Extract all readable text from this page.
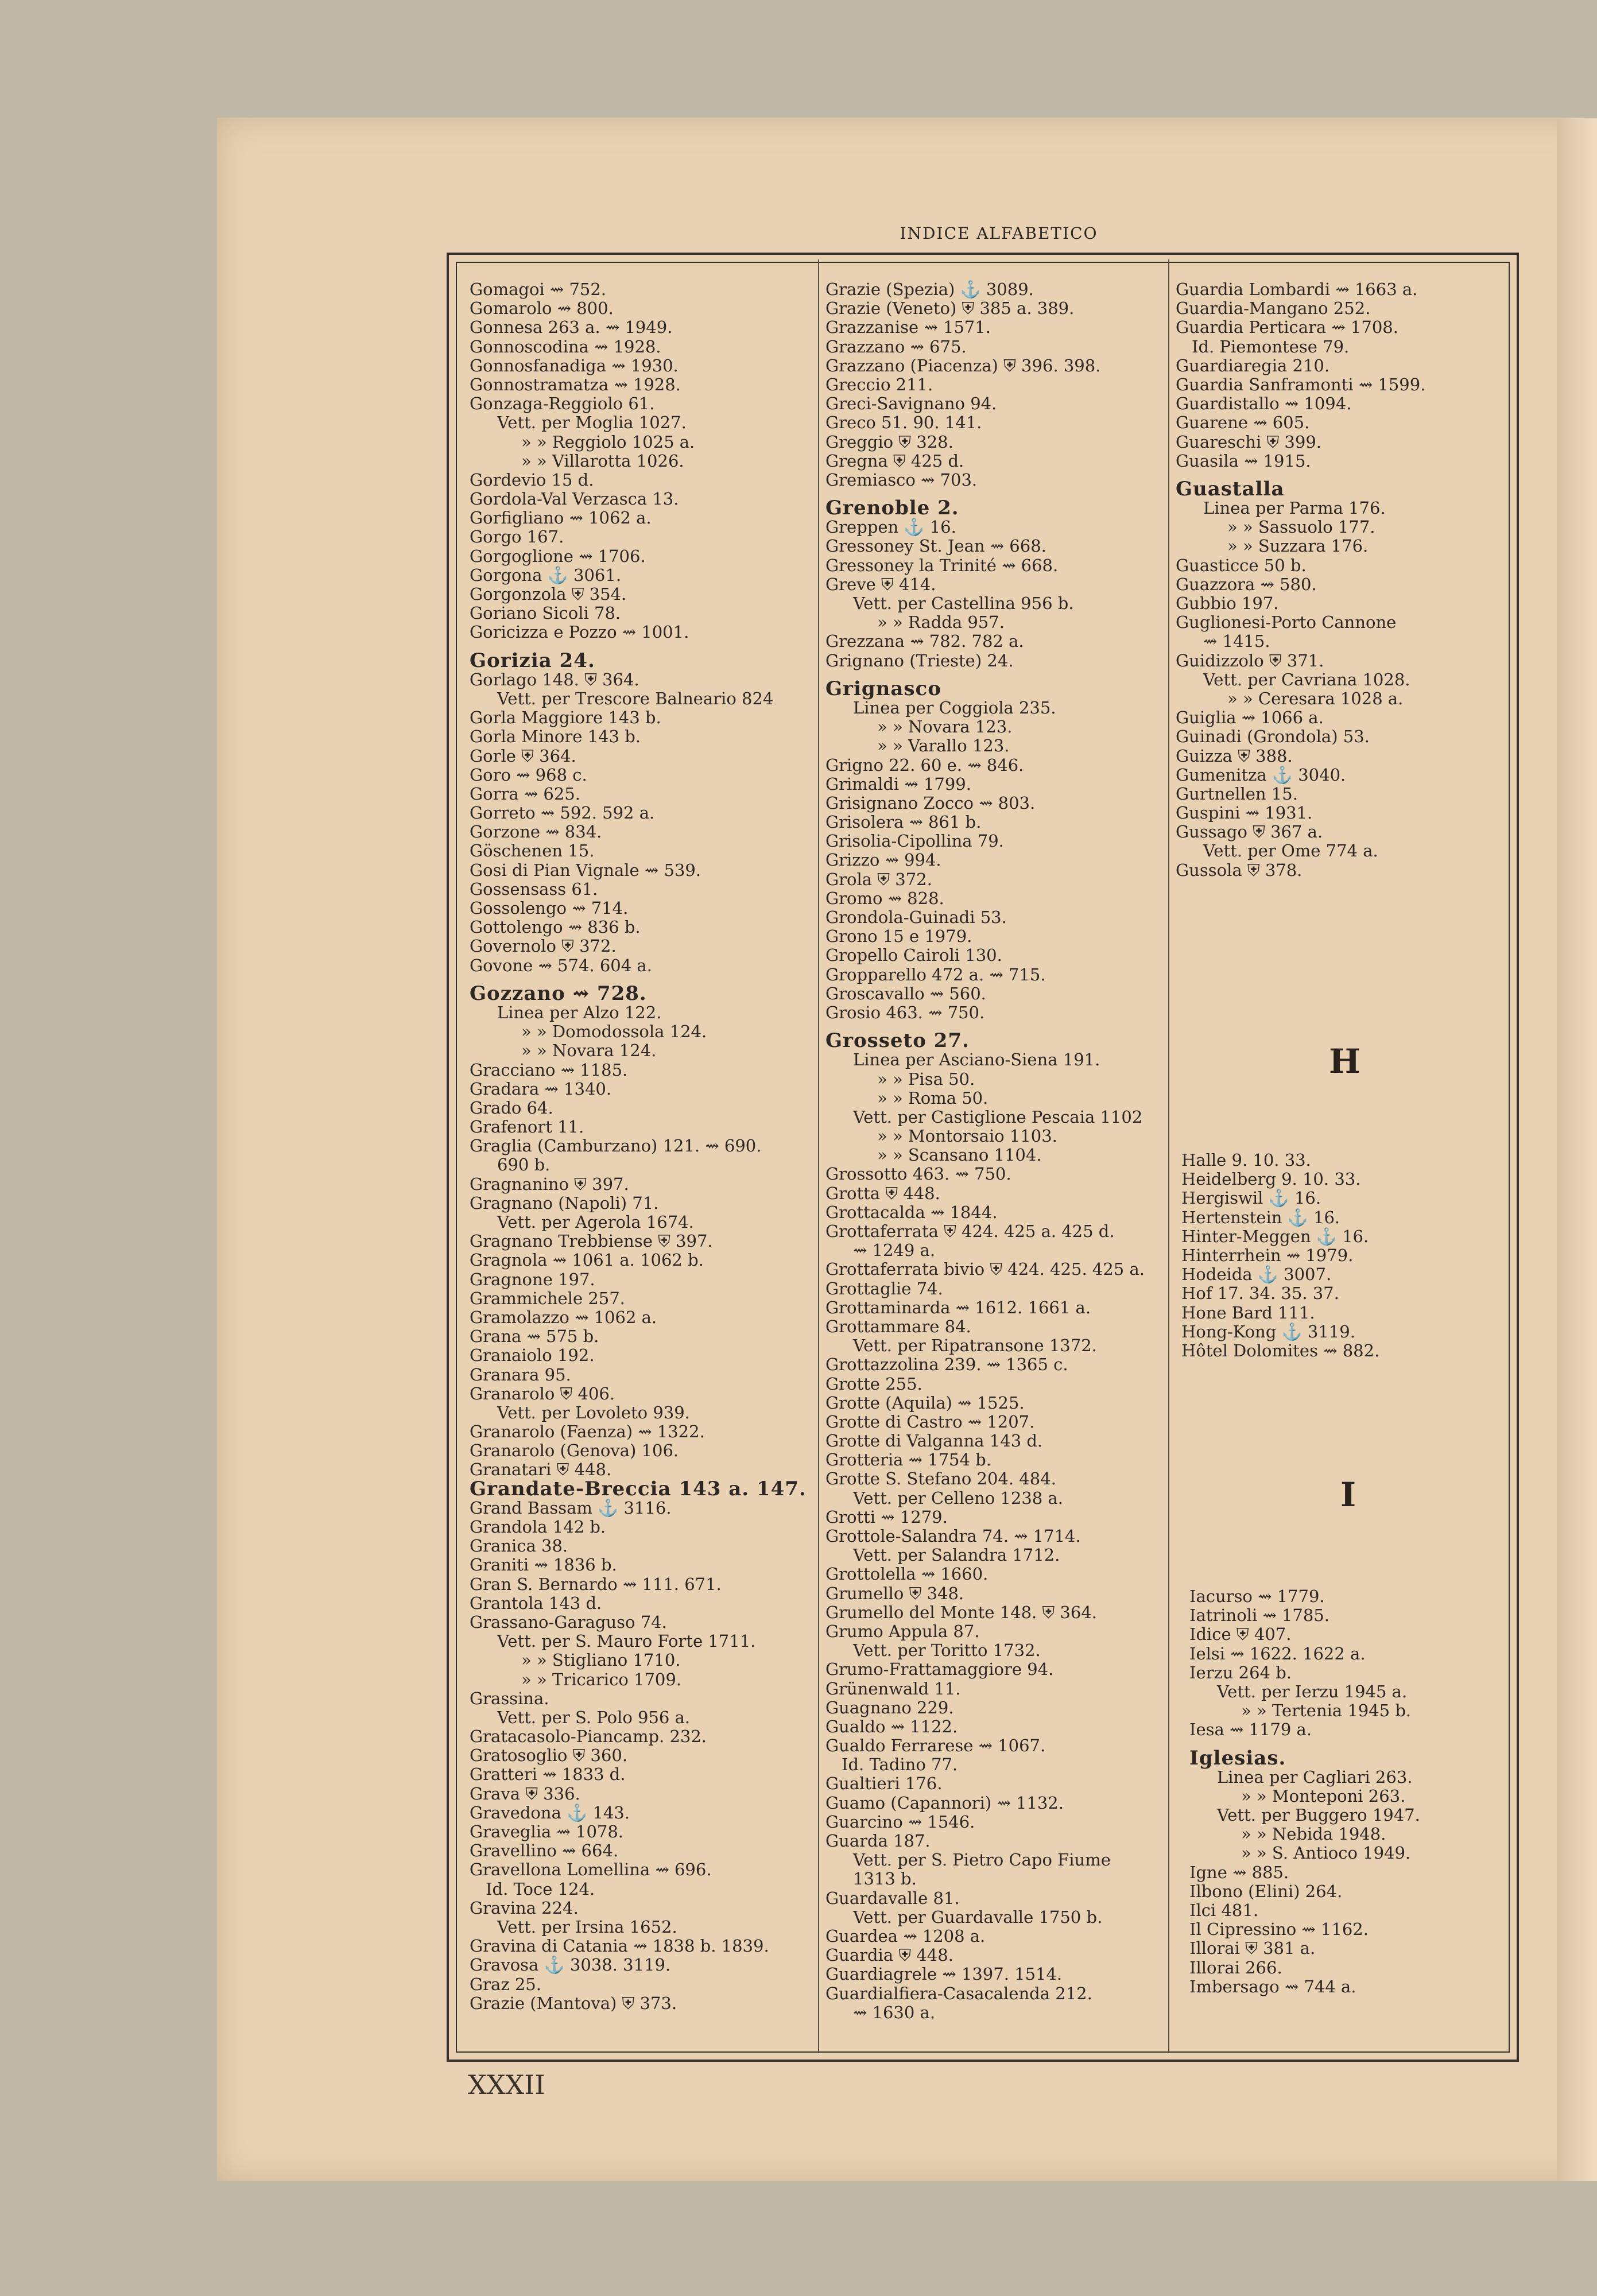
INDICE ALFABETICO
Gomagoi ⇝ 752.
Gomarolo ⇝ 800.
Gonnesa 263 a. ⇝ 1949.
Gonnoscodina ⇝ 1928.
Gonnosfanadiga ⇝ 1930.
Gonnostramatza ⇝ 1928.
Gonzaga-Reggiolo 61.
Vett. per Moglia 1027.
» » Reggiolo 1025 a.
» » Villarotta 1026.
Gordevio 15 d.
Gordola-Val Verzasca 13.
Gorfigliano ⇝ 1062 a.
Gorgo 167.
Gorgoglione ⇝ 1706.
Gorgona ⚓ 3061.
Gorgonzola ⛨ 354.
Goriano Sicoli 78.
Goricizza e Pozzo ⇝ 1001.
Gorizia 24.
Gorlago 148. ⛨ 364.
Vett. per Trescore Balneario 824
Gorla Maggiore 143 b.
Gorla Minore 143 b.
Gorle ⛨ 364.
Goro ⇝ 968 c.
Gorra ⇝ 625.
Gorreto ⇝ 592. 592 a.
Gorzone ⇝ 834.
Göschenen 15.
Gosi di Pian Vignale ⇝ 539.
Gossensass 61.
Gossolengo ⇝ 714.
Gottolengo ⇝ 836 b.
Governolo ⛨ 372.
Govone ⇝ 574. 604 a.
Gozzano ⇝ 728.
Linea per Alzo 122.
» » Domodossola 124.
» » Novara 124.
Gracciano ⇝ 1185.
Gradara ⇝ 1340.
Grado 64.
Grafenort 11.
Graglia (Camburzano) 121. ⇝ 690.
690 b.
Gragnanino ⛨ 397.
Gragnano (Napoli) 71.
Vett. per Agerola 1674.
Gragnano Trebbiense ⛨ 397.
Gragnola ⇝ 1061 a. 1062 b.
Gragnone 197.
Grammichele 257.
Gramolazzo ⇝ 1062 a.
Grana ⇝ 575 b.
Granaiolo 192.
Granara 95.
Granarolo ⛨ 406.
Vett. per Lovoleto 939.
Granarolo (Faenza) ⇝ 1322.
Granarolo (Genova) 106.
Granatari ⛨ 448.
Grandate-Breccia 143 a. 147.
Grand Bassam ⚓ 3116.
Grandola 142 b.
Granica 38.
Graniti ⇝ 1836 b.
Gran S. Bernardo ⇝ 111. 671.
Grantola 143 d.
Grassano-Garaguso 74.
Vett. per S. Mauro Forte 1711.
» » Stigliano 1710.
» » Tricarico 1709.
Grassina.
Vett. per S. Polo 956 a.
Gratacasolo-Piancamp. 232.
Gratosoglio ⛨ 360.
Gratteri ⇝ 1833 d.
Grava ⛨ 336.
Gravedona ⚓ 143.
Graveglia ⇝ 1078.
Gravellino ⇝ 664.
Gravellona Lomellina ⇝ 696.
Id. Toce 124.
Gravina 224.
Vett. per Irsina 1652.
Gravina di Catania ⇝ 1838 b. 1839.
Gravosa ⚓ 3038. 3119.
Graz 25.
Grazie (Mantova) ⛨ 373.
Grazie (Spezia) ⚓ 3089.
Grazie (Veneto) ⛨ 385 a. 389.
Grazzanise ⇝ 1571.
Grazzano ⇝ 675.
Grazzano (Piacenza) ⛨ 396. 398.
Greccio 211.
Greci-Savignano 94.
Greco 51. 90. 141.
Greggio ⛨ 328.
Gregna ⛨ 425 d.
Gremiasco ⇝ 703.
Grenoble 2.
Greppen ⚓ 16.
Gressoney St. Jean ⇝ 668.
Gressoney la Trinité ⇝ 668.
Greve ⛨ 414.
Vett. per Castellina 956 b.
» » Radda 957.
Grezzana ⇝ 782. 782 a.
Grignano (Trieste) 24.
Grignasco
Linea per Coggiola 235.
» » Novara 123.
» » Varallo 123.
Grigno 22. 60 e. ⇝ 846.
Grimaldi ⇝ 1799.
Grisignano Zocco ⇝ 803.
Grisolera ⇝ 861 b.
Grisolia-Cipollina 79.
Grizzo ⇝ 994.
Grola ⛨ 372.
Gromo ⇝ 828.
Grondola-Guinadi 53.
Grono 15 e 1979.
Gropello Cairoli 130.
Gropparello 472 a. ⇝ 715.
Groscavallo ⇝ 560.
Grosio 463. ⇝ 750.
Grosseto 27.
Linea per Asciano-Siena 191.
» » Pisa 50.
» » Roma 50.
Vett. per Castiglione Pescaia 1102
» » Montorsaio 1103.
» » Scansano 1104.
Grossotto 463. ⇝ 750.
Grotta ⛨ 448.
Grottacalda ⇝ 1844.
Grottaferrata ⛨ 424. 425 a. 425 d.
⇝ 1249 a.
Grottaferrata bivio ⛨ 424. 425. 425 a.
Grottaglie 74.
Grottaminarda ⇝ 1612. 1661 a.
Grottammare 84.
Vett. per Ripatransone 1372.
Grottazzolina 239. ⇝ 1365 c.
Grotte 255.
Grotte (Aquila) ⇝ 1525.
Grotte di Castro ⇝ 1207.
Grotte di Valganna 143 d.
Grotteria ⇝ 1754 b.
Grotte S. Stefano 204. 484.
Vett. per Celleno 1238 a.
Grotti ⇝ 1279.
Grottole-Salandra 74. ⇝ 1714.
Vett. per Salandra 1712.
Grottolella ⇝ 1660.
Grumello ⛨ 348.
Grumello del Monte 148. ⛨ 364.
Grumo Appula 87.
Vett. per Toritto 1732.
Grumo-Frattamaggiore 94.
Grünenwald 11.
Guagnano 229.
Gualdo ⇝ 1122.
Gualdo Ferrarese ⇝ 1067.
Id. Tadino 77.
Gualtieri 176.
Guamo (Capannori) ⇝ 1132.
Guarcino ⇝ 1546.
Guarda 187.
Vett. per S. Pietro Capo Fiume
1313 b.
Guardavalle 81.
Vett. per Guardavalle 1750 b.
Guardea ⇝ 1208 a.
Guardia ⛨ 448.
Guardiagrele ⇝ 1397. 1514.
Guardialfiera-Casacalenda 212.
⇝ 1630 a.
Guardia Lombardi ⇝ 1663 a.
Guardia-Mangano 252.
Guardia Perticara ⇝ 1708.
Id. Piemontese 79.
Guardiaregia 210.
Guardia Sanframonti ⇝ 1599.
Guardistallo ⇝ 1094.
Guarene ⇝ 605.
Guareschi ⛨ 399.
Guasila ⇝ 1915.
Guastalla
Linea per Parma 176.
» » Sassuolo 177.
» » Suzzara 176.
Guasticce 50 b.
Guazzora ⇝ 580.
Gubbio 197.
Guglionesi-Porto Cannone
⇝ 1415.
Guidizzolo ⛨ 371.
Vett. per Cavriana 1028.
» » Ceresara 1028 a.
Guiglia ⇝ 1066 a.
Guinadi (Grondola) 53.
Guizza ⛨ 388.
Gumenitza ⚓ 3040.
Gurtnellen 15.
Guspini ⇝ 1931.
Gussago ⛨ 367 a.
Vett. per Ome 774 a.
Gussola ⛨ 378.
H
I
Halle 9. 10. 33.
Heidelberg 9. 10. 33.
Hergiswil ⚓ 16.
Hertenstein ⚓ 16.
Hinter-Meggen ⚓ 16.
Hinterrhein ⇝ 1979.
Hodeida ⚓ 3007.
Hof 17. 34. 35. 37.
Hone Bard 111.
Hong-Kong ⚓ 3119.
Hôtel Dolomites ⇝ 882.
Iacurso ⇝ 1779.
Iatrinoli ⇝ 1785.
Idice ⛨ 407.
Ielsi ⇝ 1622. 1622 a.
Ierzu 264 b.
Vett. per Ierzu 1945 a.
» » Tertenia 1945 b.
Iesa ⇝ 1179 a.
Iglesias.
Linea per Cagliari 263.
» » Monteponi 263.
Vett. per Buggero 1947.
» » Nebida 1948.
» » S. Antioco 1949.
Igne ⇝ 885.
Ilbono (Elini) 264.
Ilci 481.
Il Cipressino ⇝ 1162.
Illorai ⛨ 381 a.
Illorai 266.
Imbersago ⇝ 744 a.
XXXII
